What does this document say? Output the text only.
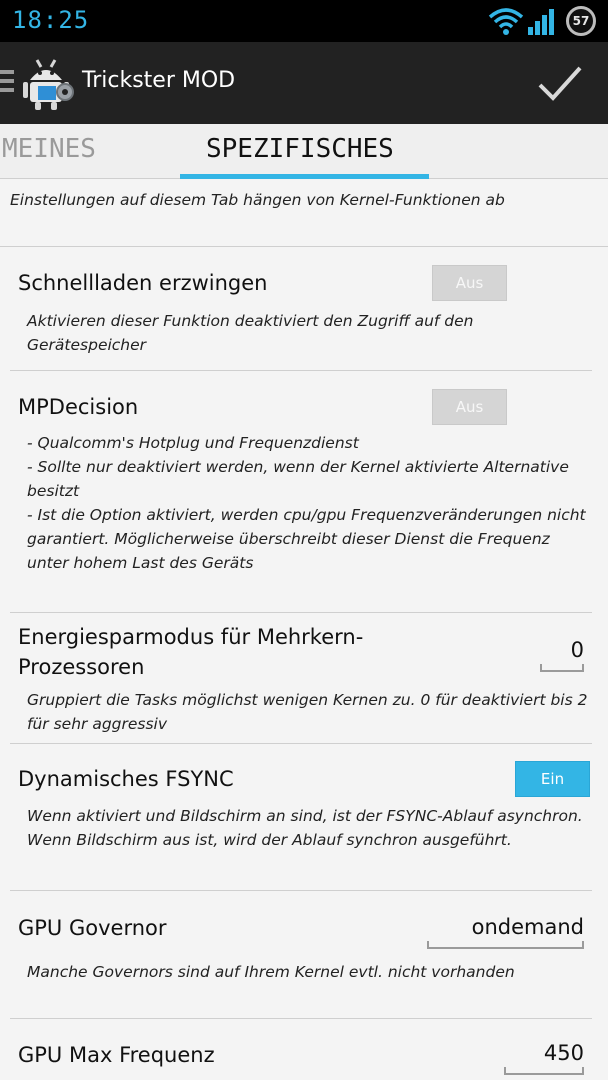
18:25	57
Trickster MOD
MEINES	SPEZIFISCHES
Einstellungen auf diesem Tab hängen von Kernel-Funktionen ab
Schnellladen erzwingen	Aus
Aktivieren dieser Funktion deaktiviert den Zugriff auf den Gerätespeicher
MPDecision	Aus
- Qualcomm's Hotplug und Frequenzdienst
- Sollte nur deaktiviert werden, wenn der Kernel aktivierte Alternative besitzt
- Ist die Option aktiviert, werden cpu/gpu Frequenzveränderungen nicht garantiert. Möglicherweise überschreibt dieser Dienst die Frequenz unter hohem Last des Geräts
Energiesparmodus für Mehrkern-
Prozessoren
0
Gruppiert die Tasks möglichst wenigen Kernen zu. 0 für deaktiviert bis 2 für sehr aggressiv
Dynamisches FSYNC	Ein
Wenn aktiviert und Bildschirm an sind, ist der FSYNC-Ablauf asynchron. Wenn Bildschirm aus ist, wird der Ablauf synchron ausgeführt.
GPU Governor	ondemand
Manche Governors sind auf Ihrem Kernel evtl. nicht vorhanden
GPU Max Frequenz	450
